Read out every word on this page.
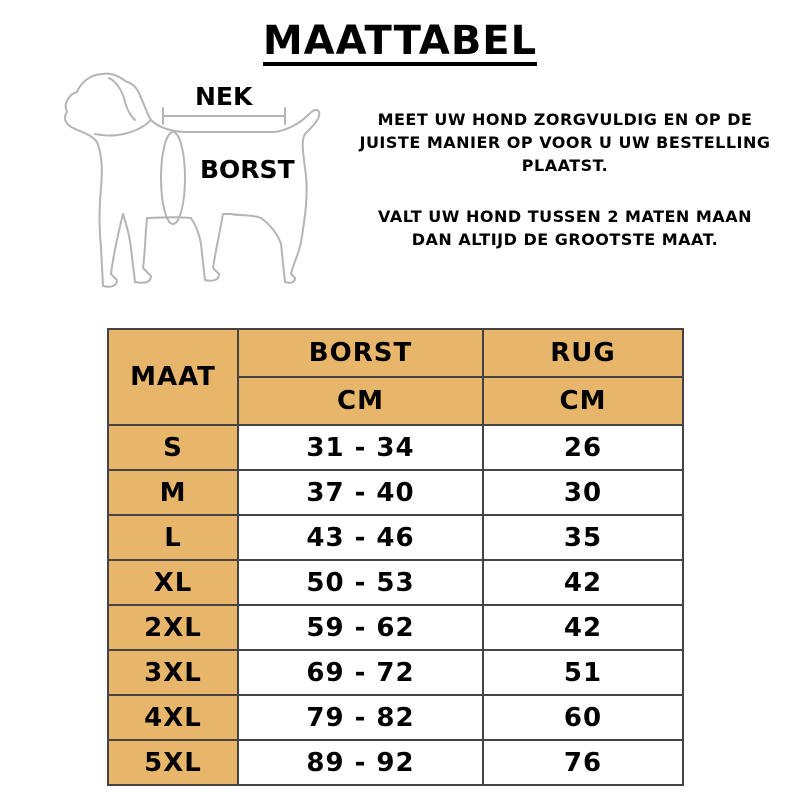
MAATTABEL
NEK
BORST
MEET UW HOND ZORGVULDIG EN OP DE JUISTE MANIER OP VOOR U UW BESTELLING PLAATST.
VALT UW HOND TUSSEN 2 MATEN MAAN DAN ALTIJD DE GROOTSTE MAAT.
MAAT	BORST	RUG
	CM	CM
S	31 - 34	26
M	37 - 40	30
L	43 - 46	35
XL	50 - 53	42
2XL	59 - 62	42
3XL	69 - 72	51
4XL	79 - 82	60
5XL	89 - 92	76
